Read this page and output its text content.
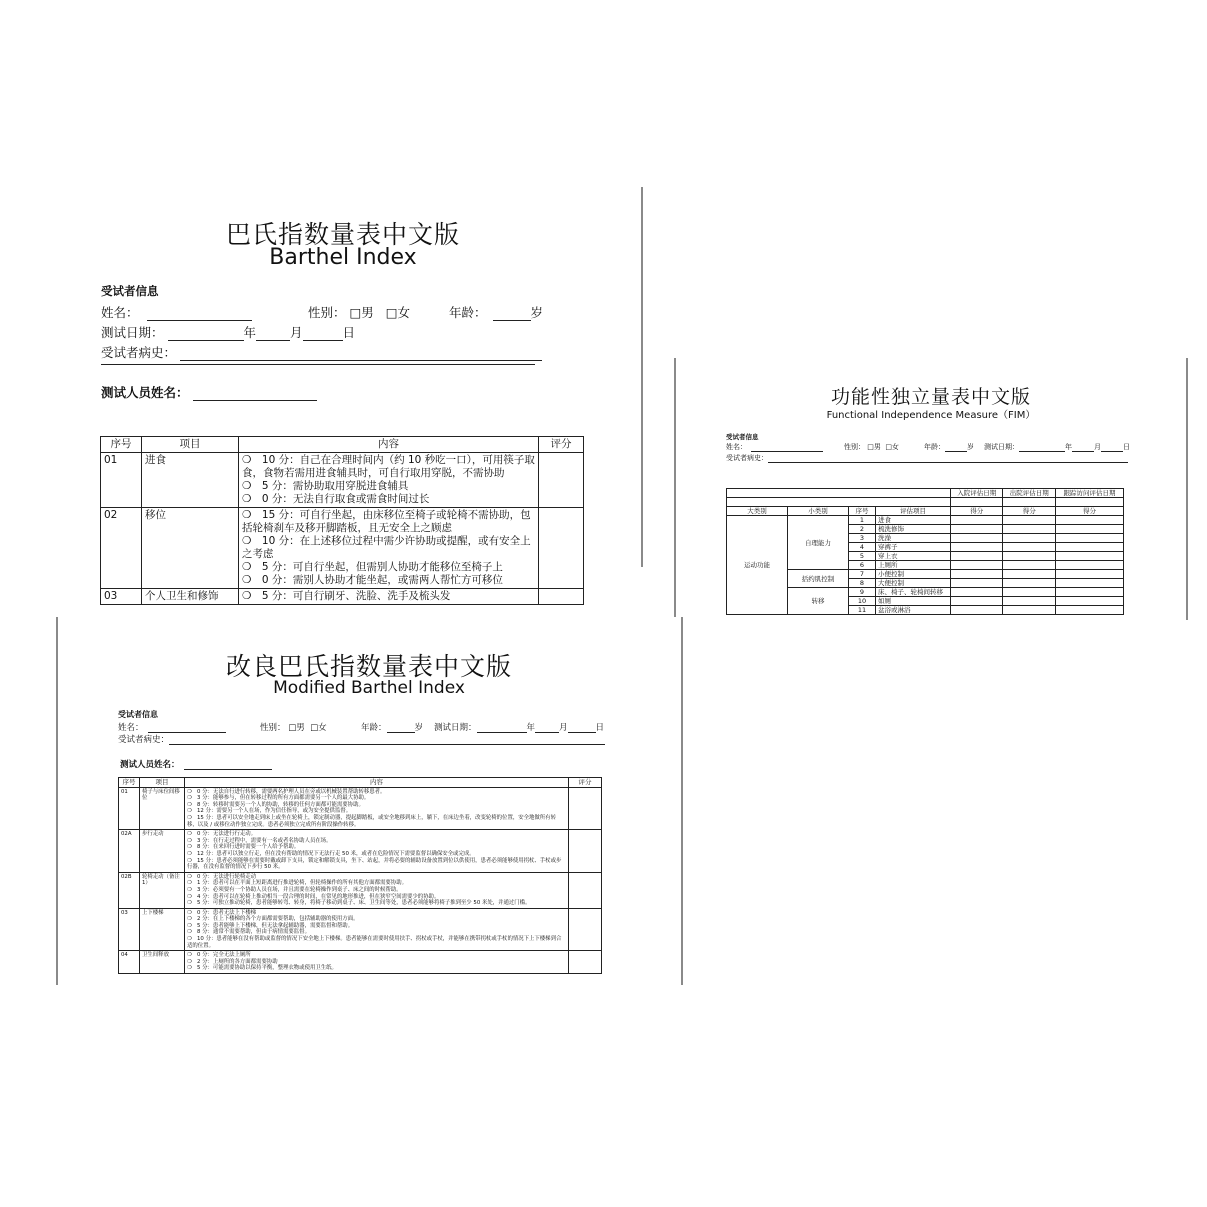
巴氏指数量表中文版
Barthel Index
受试者信息
姓名：	性别： □男 □女	年龄：	岁
测试日期：	年	月	日
受试者病史：
测试人员姓名：
序号	项目	内容	评分
01	进食	❍　10 分：自己在合理时间内（约 10 秒吃一口），可用筷子取食，食物若需用进食辅具时，可自行取用穿脱，不需协助
❍　5 分：需协助取用穿脱进食辅具
❍　0 分：无法自行取食或需食时间过长	

02	移位	❍　15 分：可自行坐起，由床移位至椅子或轮椅不需协助，包括轮椅刹车及移开脚踏板，且无安全上之顾虑
❍　10 分：在上述移位过程中需少许协助或提醒，或有安全上之考虑
❍　5 分：可自行坐起，但需别人协助才能移位至椅子上
❍　0 分：需别人协助才能坐起，或需两人帮忙方可移位	

03	个人卫生和修饰	❍　5 分：可自行刷牙、洗脸、洗手及梳头发	

功能性独立量表中文版
Functional Independence Measure（FIM）
受试者信息
姓名：	性别： □男 □女	年龄：	岁 测试日期：	年	月	日
受试者病史：
				入院评估日期	出院评估日期	跟踪访问评估日期

大类别	小类别	序号	评估项目	得分	得分	得分
运动功能	自理能力	1	进食			
		2	梳洗修饰			
		3	洗澡			
		4	穿裤子			
		5	穿上衣			
		6	上厕所			
	括约肌控制	7	小便控制			
		8	大便控制			
	转移	9	床、椅子、轮椅间转移			
		10	如厕			
		11	盆浴或淋浴			
改良巴氏指数量表中文版
Modified Barthel Index
受试者信息
姓名：	性别： □男 □女	年龄：	岁 测试日期：	年	月	日
受试者病史：
测试人员姓名：
序号	项目	内容	评分
01	椅子与床位间移位	❍ 0 分：无法自行进行转移，需要两名护理人员在旁或以机械装置帮助转移患者。
❍ 3 分：能够参与，但在转移过程的所有方面都需要另一个人的最大协助。
❍ 8 分：转移时需要另一个人的协助，转移的任何方面都可能需要协助。
❍ 12 分：需要另一个人在场，作为信任指导，或为安全提供监督。
❍ 15 分：患者可以安全地走到床上或坐在轮椅上，锁定制动器，提起脚踏板，或安全地移到床上，躺下，在床边坐着，改变轮椅的位置，安全地做所有转移，以及 / 或移位动作独立完成。患者必须独立完成所有阶段操作转移。	

02A	步行走动	❍ 0 分：无法进行行走动。
❍ 3 分：在行走过程中，需要有一名或者名协助人员在场。
❍ 8 分：在来回行进时需要一个人给予帮助。
❍ 12 分：患者可以独立行走，但在没有帮助的情况下无法行走 50 米，或者在危险情况下需要监督以确保安全或完成。
❍ 15 分：患者必须能够在需要时戴或卸下支具，锁定和解锁支具，坐下、站起，并将必要的辅助设备放置到位以供使用，患者必须能够使用拐杖、手杖或步行器，在没有监督的情况下步行 50 米。	

02B	轮椅走动（备注1）	❍ 0 分：无法进行轮椅走动
❍ 1 分：患者可以在平面上短距离进行推进轮椅，但轮椅操作的所有其他方面都需要协助。
❍ 3 分：必须要有一个协助人员在场，并且需要在轮椅操作到桌子、床之间的时候帮助。
❍ 4 分：患者可以在轮椅上推动相当一段合理的时间，在常见的地形推进，但在狭窄空间需要少的协助。
❍ 5 分：可独立推动轮椅，患者能够转弯、转身，将椅子移动到桌子、床、卫生间等处，患者必须能够将椅子推到至少 50 米处，并通过门槛。	

03	上下楼梯	❍ 0 分：患者无法上下楼梯
❍ 2 分：在上下楼梯的各个方面都需要帮助，包括辅助器的使用方面。
❍ 5 分：患者能够上下楼梯，但无法拿起辅助器，需要监督和帮助。
❍ 8 分：通常不需要帮助，但由于病情需要监督。
❍ 10 分：患者能够在没有帮助或监督的情况下安全地上下楼梯。患者能够在需要时使用扶手、拐杖或手杖，并能够在携带拐杖或手杖的情况下上下楼梯到合适的位置。	

04	卫生间释放	❍ 0 分：完全无法上厕所
❍ 2 分：上厕所的各方面都需要协助
❍ 5 分：可能需要协助以保持平衡，整理衣物或使用卫生纸。	
